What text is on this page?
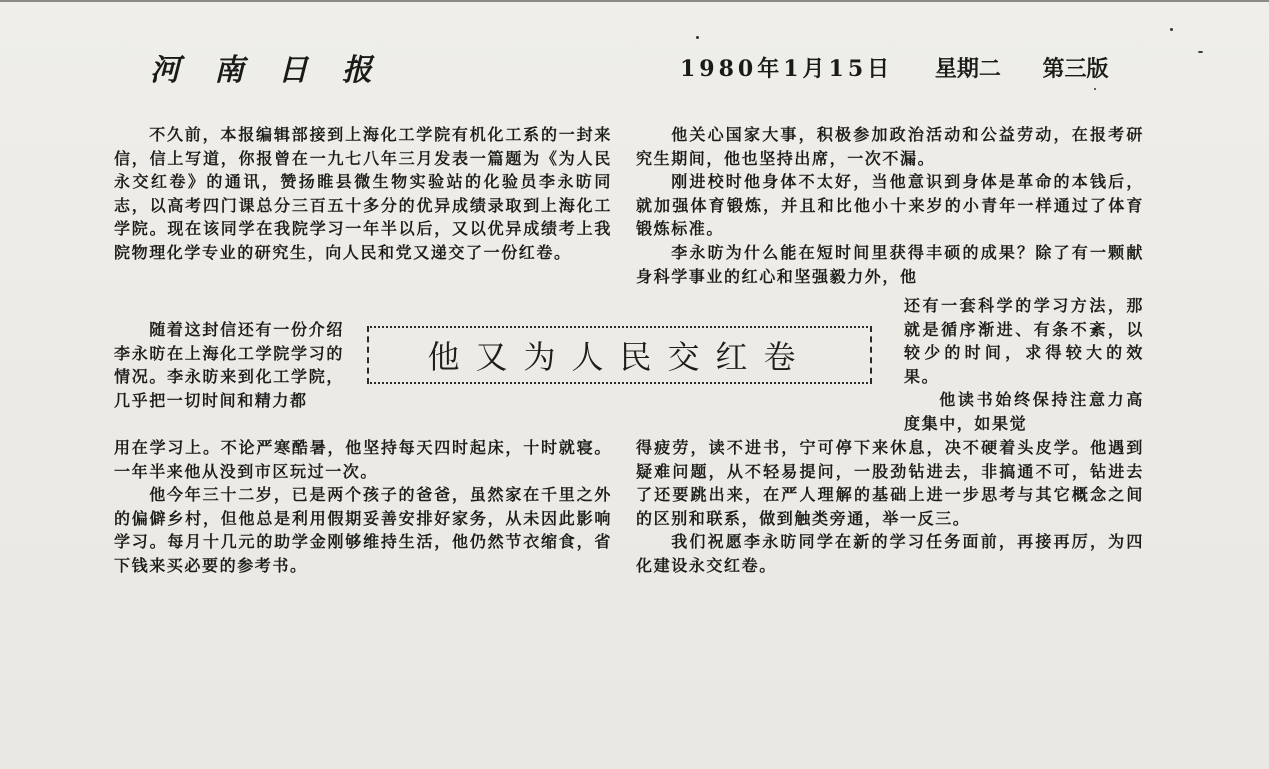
河南日报	1980年1月15日 星期二 第三版

不久前，本报编辑部接到上海化工学院有机化工系的一封来信，信上写道，你报曾在一九七八年三月发表一篇题为《为人民永交红卷》的通讯，赞扬睢县微生物实验站的化验员李永昉同志，以高考四门课总分三百五十多分的优异成绩录取到上海化工学院。现在该同学在我院学习一年半以后，又以优异成绩考上我院物理化学专业的研究生，向人民和党又递交了一份红卷。

随着这封信还有一份介绍李永昉在上海化工学院学习的情况。李永昉来到化工学院，几乎把一切时间和精力都

他又为人民交红卷

用在学习上。不论严寒酷暑，他坚持每天四时起床，十时就寝。一年半来他从没到市区玩过一次。

他今年三十二岁，已是两个孩子的爸爸，虽然家在千里之外的偏僻乡村，但他总是利用假期妥善安排好家务，从未因此影响学习。每月十几元的助学金刚够维持生活，他仍然节衣缩食，省下钱来买必要的参考书。

他关心国家大事，积极参加政治活动和公益劳动，在报考研究生期间，他也坚持出席，一次不漏。

刚进校时他身体不太好，当他意识到身体是革命的本钱后，就加强体育锻炼，并且和比他小十来岁的小青年一样通过了体育锻炼标准。

李永昉为什么能在短时间里获得丰硕的成果？除了有一颗献身科学事业的红心和坚强毅力外，他

还有一套科学的学习方法，那就是循序渐进、有条不紊，以较少的时间，求得较大的效果。

他读书始终保持注意力高度集中，如果觉

得疲劳，读不进书，宁可停下来休息，决不硬着头皮学。他遇到疑难问题，从不轻易提问，一股劲钻进去，非搞通不可，钻进去了还要跳出来，在严人理解的基础上进一步思考与其它概念之间的区别和联系，做到触类旁通，举一反三。

我们祝愿李永昉同学在新的学习任务面前，再接再厉，为四化建设永交红卷。
